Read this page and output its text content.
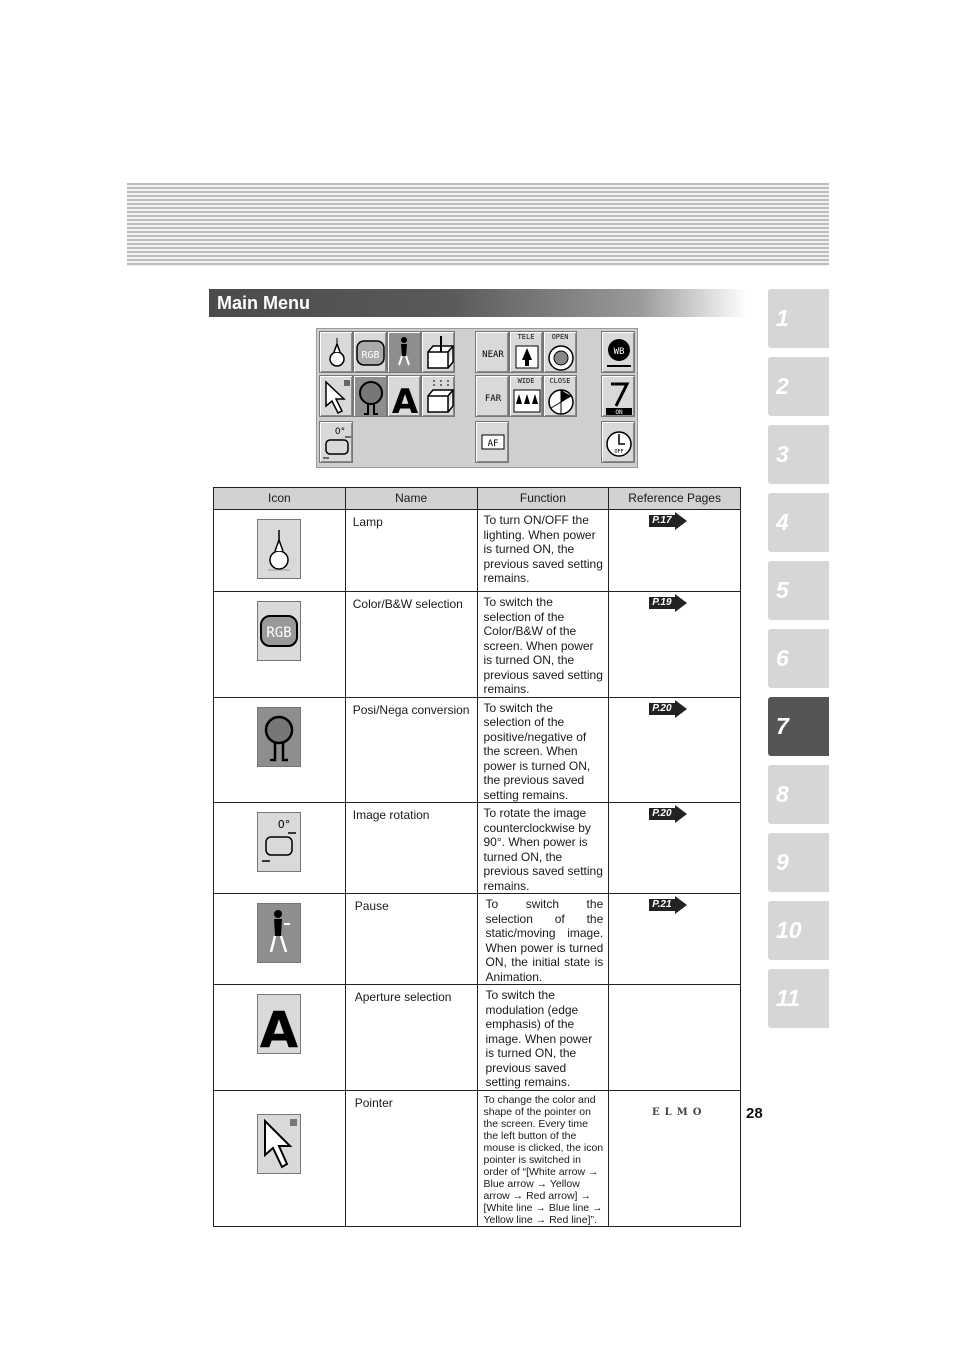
Main Menu
1
2
3
4
5
6
7
8
9
10
11
RGB
A
0°
NEAR
TELE	OPEN
FAR
WIDE	CLOSE
AF
WB
ON
OFF
Icon	Name	Function	Reference Pages

	Lamp	To turn ON/OFF the lighting. When power is turned ON, the previous saved setting remains.	P.17

RGB	Color/B&W selection	To switch the selection of the Color/B&W of the screen. When power is turned ON, the previous saved setting remains.	P.19

	Posi/Nega conversion	To switch the selection of the positive/negative of the screen. When power is turned ON, the previous saved setting remains.	P.20

0°	Image rotation	To rotate the image counterclockwise by 90°. When power is turned ON, the previous saved setting remains.	P.20

	Pause	To switch the selection of the static/moving image. When power is turned ON, the initial state is Animation.	P.21

A	Aperture selection	To switch the modulation (edge emphasis) of the image. When power is turned ON, the previous saved setting remains.	

	Pointer	To change the color and shape of the pointer on the screen. Every time the left button of the mouse is clicked, the icon pointer is switched in order of “[White arrow → Blue arrow → Yellow arrow → Red arrow] → [White line → Blue line → Yellow line → Red line]”.	

ELMO	28
